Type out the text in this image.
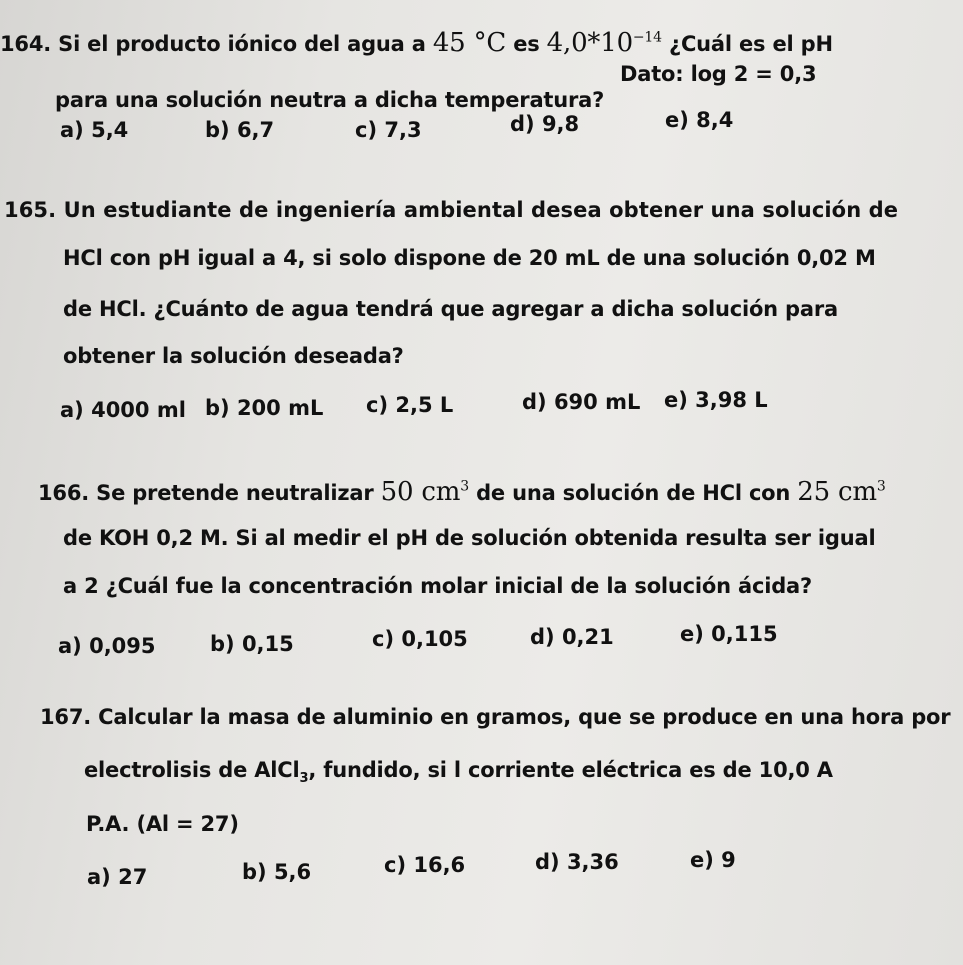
164. Si el producto iónico del agua a 45 °C es $4,0*10^{-14}$ ¿Cuál es el pH
para una solución neutra a dicha temperatura?
Dato: log 2 = 0,3
a) 5,4	b) 6,7	c) 7,3	d) 9,8	e) 8,4
165. Un estudiante de ingeniería ambiental desea obtener una solución de
HCl con pH igual a 4, si solo dispone de 20 mL de una solución 0,02 M
de HCl. ¿Cuánto de agua tendrá que agregar a dicha solución para
obtener la solución deseada?
a) 4000 ml b) 200 mL c) 2,5 L	d) 690 mL e) 3,98 L
166. Se pretende neutralizar 50 $cm^3$ de una solución de HCl con 25 $cm^3$
de KOH 0,2 M. Si al medir el pH de solución obtenida resulta ser igual
a 2 ¿Cuál fue la concentración molar inicial de la solución ácida?
a) 0,095	b) 0,15	c) 0,105	d) 0,21	e) 0,115
167. Calcular la masa de aluminio en gramos, que se produce en una hora por
electrolisis de AlCl$_3$, fundido, si l corriente eléctrica es de 10,0 A
P.A. (Al = 27)
a) 27	b) 5,6	c) 16,6	d) 3,36	e) 9
